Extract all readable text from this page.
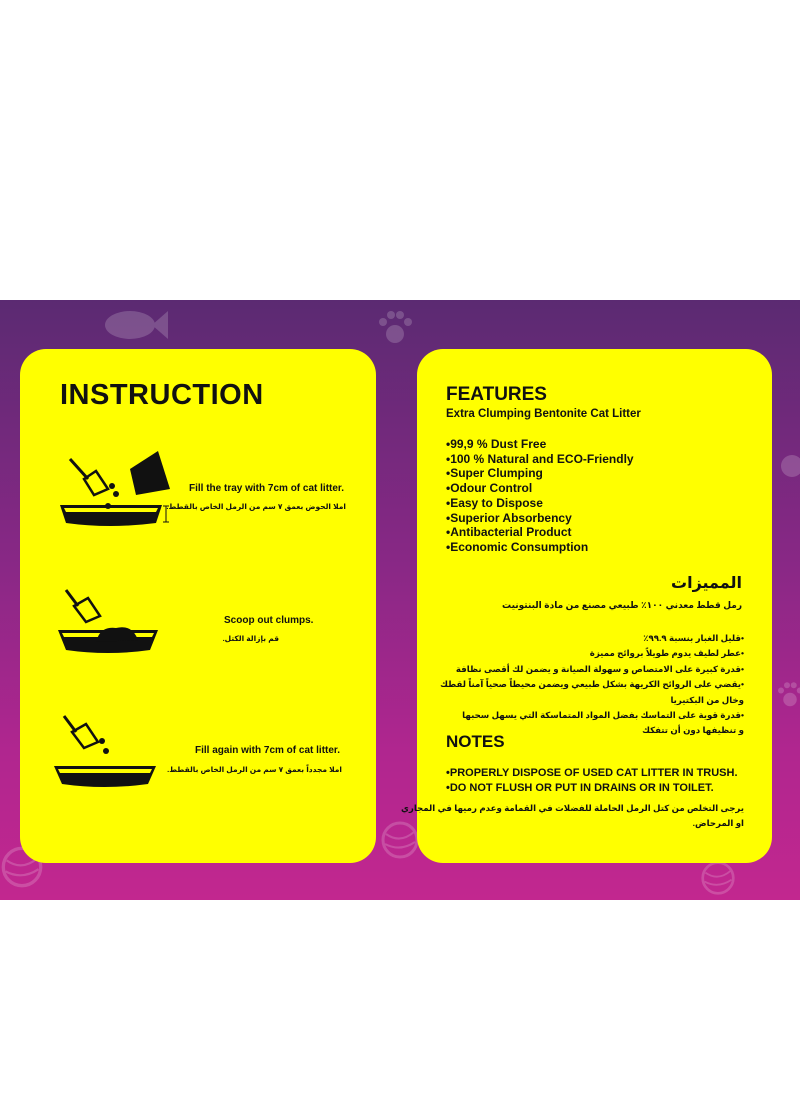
INSTRUCTION

Fill the tray with 7cm of cat litter.

املا الحوض بعمق ٧ سم من الرمل الخاص بالقطط.

Scoop out clumps.

قم بإزالة الكتل.

Fill again with 7cm of cat litter.

املا مجدداً بعمق ٧ سم من الرمل الخاص بالقطط.

FEATURES

Extra Clumping Bentonite Cat Litter

•99,9 % Dust Free
•100 % Natural and ECO-Friendly
•Super Clumping
•Odour Control
•Easy to Dispose
•Superior Absorbency
•Antibacterial Product
•Economic Consumption
المميزات

رمل قطط معدني ١٠٠٪ طبيعي مصنع من مادة البنتونيت

•قليل الغبار بنسبة ٩٩.٩٪
•عطر لطيف يدوم طويلاً بروائح مميزة
•قدرة كبيرة على الامتصاص و سهولة الصيانة و يضمن لك أقصى نظافة
•يقضي على الروائح الكريهة بشكل طبيعي ويضمن محيطاً صحياً آمناً لقطك
وخال من البكتيريا
•قدرة قوية على التماسك بفضل المواد المتماسكة التي يسهل سحبها
و تنظيفها دون أن تتفكك
NOTES
•PROPERLY DISPOSE OF USED CAT LITTER IN TRUSH.
•DO NOT FLUSH OR PUT IN DRAINS OR IN TOILET.
يرجى التخلص من كتل الرمل الحاملة للفضلات في القمامة وعدم رميها في المجاري
او المرحاض.
